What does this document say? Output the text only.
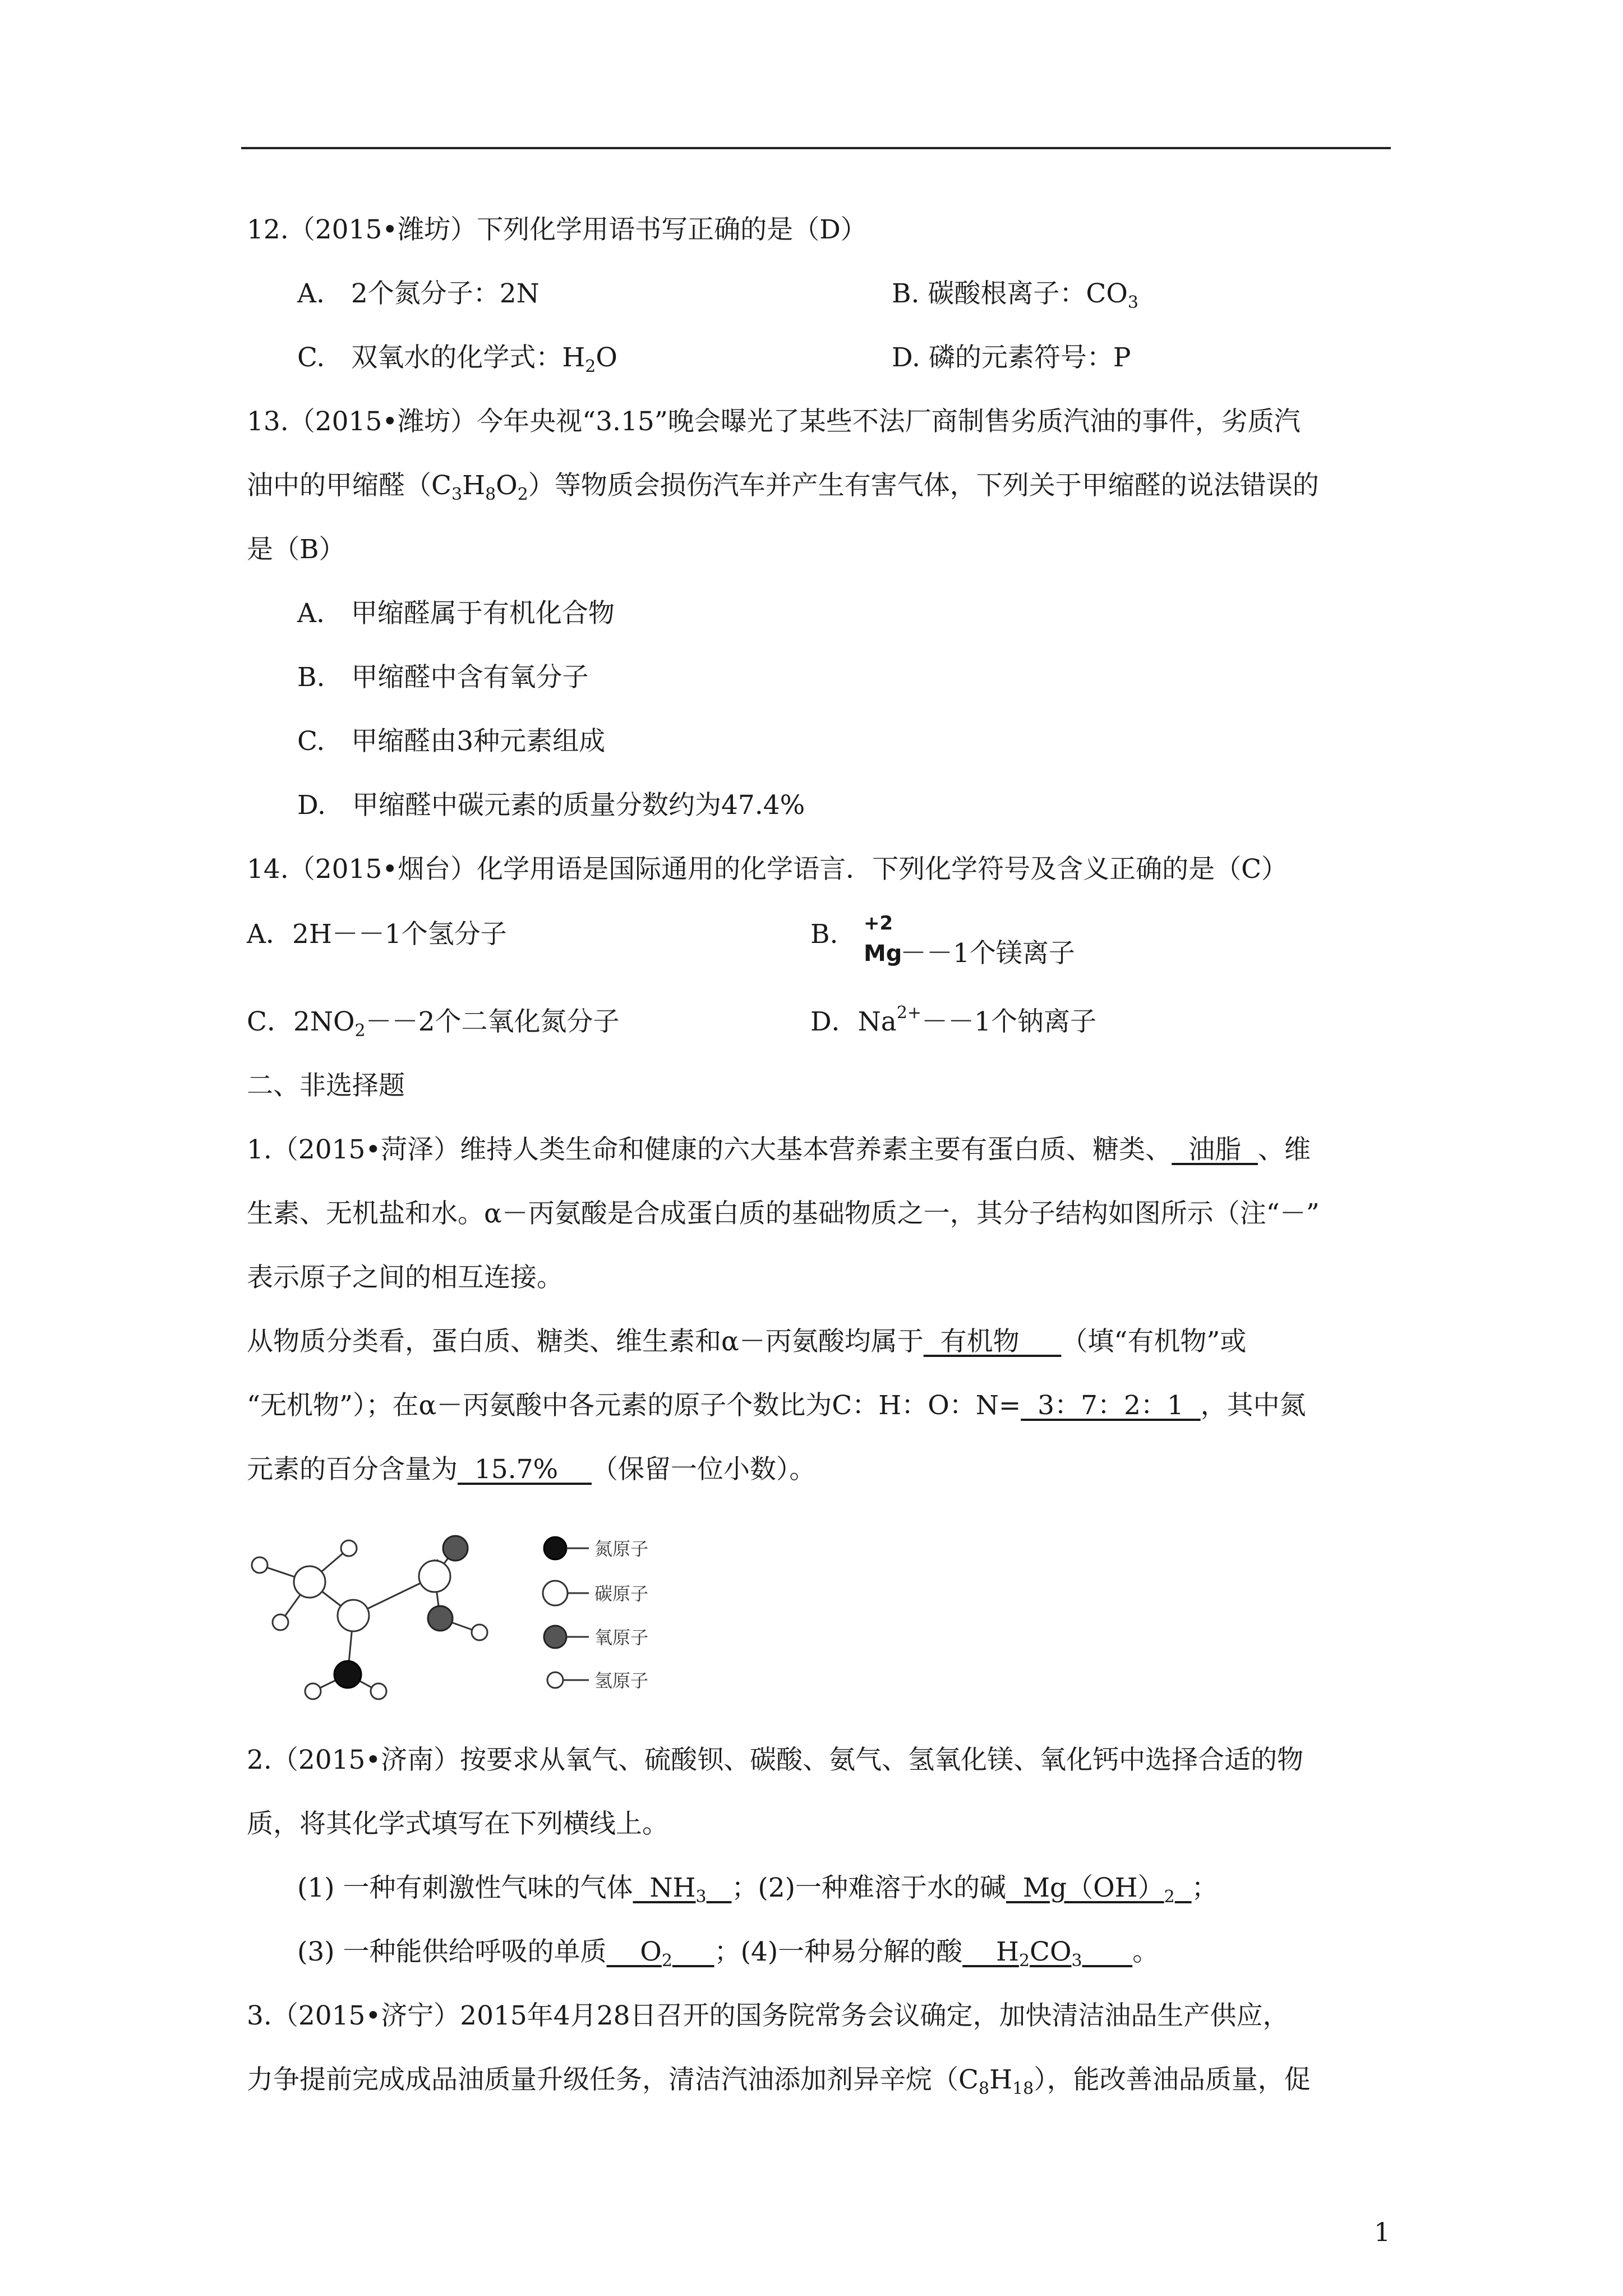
12.（2015•潍坊）下列化学用语书写正确的是（D）
A.　2个氮分子：2N	B. 碳酸根离子：$CO_3$
C.　双氧水的化学式：$H_2O$	D. 磷的元素符号：P
13.（2015•潍坊）今年央视“3.15”晚会曝光了某些不法厂商制售劣质汽油的事件，劣质汽
油中的甲缩醛$(C_3H_8O_2)$等物质会损伤汽车并产生有害气体，下列关于甲缩醛的说法错误的
是（B）
A.　甲缩醛属于有机化合物
B.　甲缩醛中含有氧分子
C.　甲缩醛由3种元素组成
D.　甲缩醛中碳元素的质量分数约为47.4%
14.（2015•烟台）化学用语是国际通用的化学语言．下列化学符号及含义正确的是（C）
A．2H－－1个氢分子	B. +2
Mg
－－1个镁离子
C．$2NO_2--2$个二氧化氮分子	D．$Na^{2+}--1$个钠离子
二、非选择题
1.（2015•菏泽）维持人类生命和健康的六大基本营养素主要有蛋白质、糖类、  油脂  、维
生素、无机盐和水。α－丙氨酸是合成蛋白质的基础物质之一，其分子结构如图所示（注“－”
表示原子之间的相互连接。
从物质分类看，蛋白质、糖类、维生素和α－丙氨酸均属于  有机物     （填“有机物”或
“无机物”）；在α－丙氨酸中各元素的原子个数比为C：H：O：N=  3：7：2：1  ，其中氮
元素的百分含量为  15.7%    （保留一位小数）。
氮原子
碳原子
氧原子
氢原子
2.（2015•济南）按要求从氧气、硫酸钡、碳酸、氨气、氢氧化镁、氧化钙中选择合适的物
质，将其化学式填写在下列横线上。
(1) 一种有刺激性气味的气体  $NH_3$ ；(2)一种难溶于水的碱  $Mg(OH)_2$ ；
(3) 一种能供给呼吸的单质    $O_2$ ；(4)一种易分解的酸    $H_2CO_3$ 。
3.（2015•济宁）2015年4月28日召开的国务院常务会议确定，加快清洁油品生产供应，
力争提前完成成品油质量升级任务，清洁汽油添加剂异辛烷$(C_8H_{18})$，能改善油品质量，促
1
